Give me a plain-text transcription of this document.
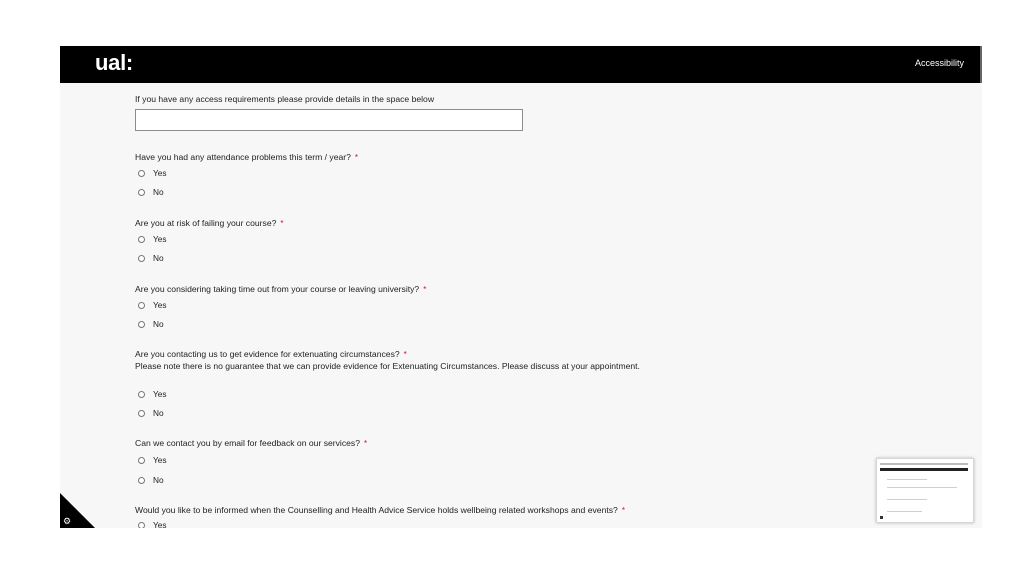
ual:	Accessibility
If you have any access requirements please provide details in the space below
Have you had any attendance problems this term / year? *
Yes
No
Are you at risk of failing your course? *
Yes
No
Are you considering taking time out from your course or leaving university? *
Yes
No
Are you contacting us to get evidence for extenuating circumstances? *
Please note there is no guarantee that we can provide evidence for Extenuating Circumstances. Please discuss at your appointment.
Yes
No
Can we contact you by email for feedback on our services? *
Yes
No
Would you like to be informed when the Counselling and Health Advice Service holds wellbeing related workshops and events? *
Yes
⚙
